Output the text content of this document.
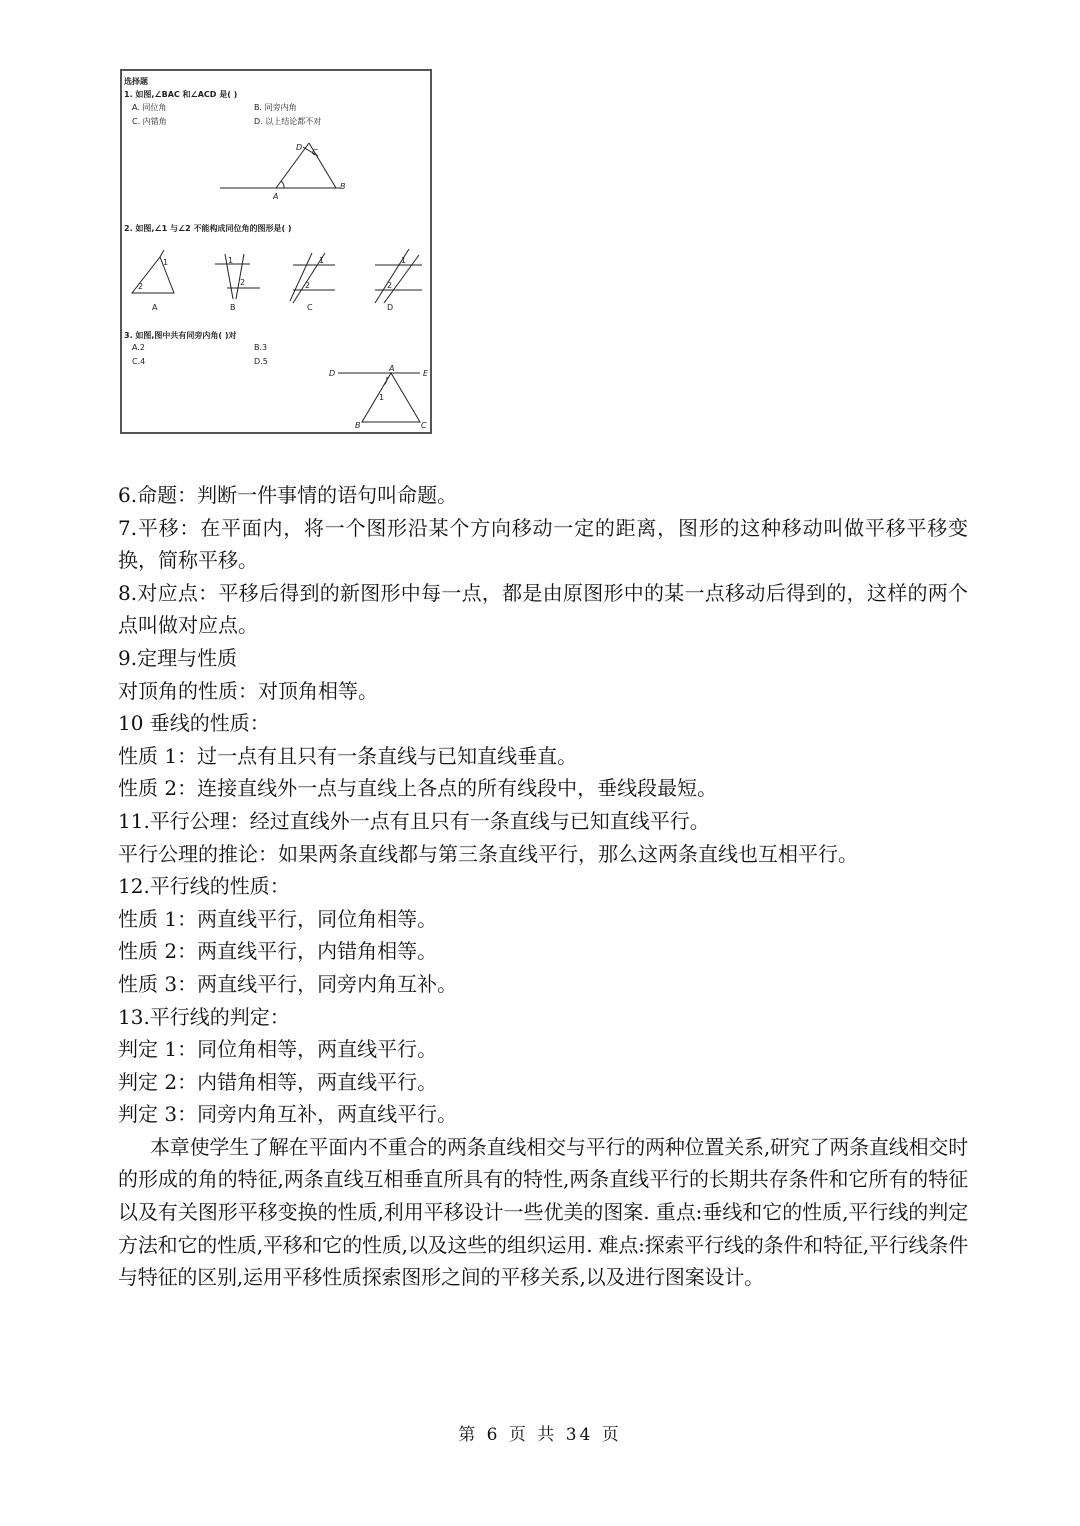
选择题
1. 如图,∠BAC 和∠ACD 是( )
A. 同位角	B. 同旁内角
C. 内错角	D. 以上结论都不对
2. 如图,∠1 与∠2 不能构成同位角的图形是( )
3. 如图,图中共有同旁内角( )对
A.2	B.3
C.4	D.5
D
C
A
B
1
2
1
2
1
2
1
2
A	B	C	D
D
A
E
1
B	C

6.命题：判断一件事情的语句叫命题。

7.平移：在平面内，将一个图形沿某个方向移动一定的距离，图形的这种移动叫做平移平移变换，简称平移。

8.对应点：平移后得到的新图形中每一点，都是由原图形中的某一点移动后得到的，这样的两个点叫做对应点。

9.定理与性质

对顶角的性质：对顶角相等。

10 垂线的性质：

性质 1：过一点有且只有一条直线与已知直线垂直。

性质 2：连接直线外一点与直线上各点的所有线段中，垂线段最短。

11.平行公理：经过直线外一点有且只有一条直线与已知直线平行。

平行公理的推论：如果两条直线都与第三条直线平行，那么这两条直线也互相平行。

12.平行线的性质：

性质 1：两直线平行，同位角相等。

性质 2：两直线平行，内错角相等。

性质 3：两直线平行，同旁内角互补。

13.平行线的判定：

判定 1：同位角相等，两直线平行。

判定 2：内错角相等，两直线平行。

判定 3：同旁内角互补，两直线平行。

本章使学生了解在平面内不重合的两条直线相交与平行的两种位置关系,研究了两条直线相交时的形成的角的特征,两条直线互相垂直所具有的特性,两条直线平行的长期共存条件和它所有的特征以及有关图形平移变换的性质,利用平移设计一些优美的图案. 重点:垂线和它的性质,平行线的判定方法和它的性质,平移和它的性质,以及这些的组织运用. 难点:探索平行线的条件和特征,平行线条件与特征的区别,运用平移性质探索图形之间的平移关系,以及进行图案设计。

第 6 页 共 34 页
